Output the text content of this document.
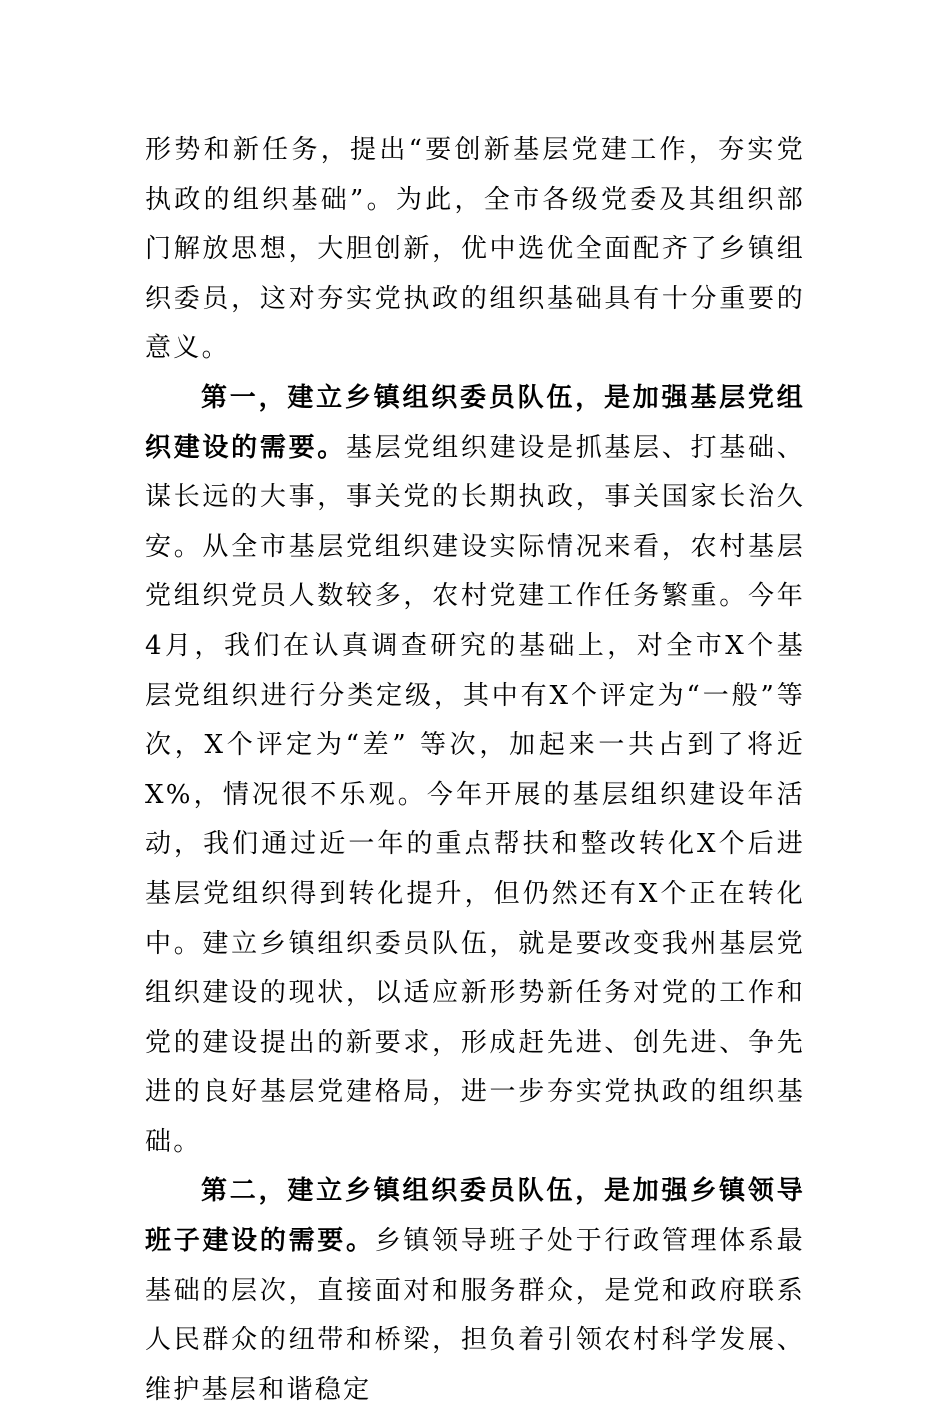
形势和新任务，提出“要创新基层党建工作，夯实党执政的组织基础”。为此，全市各级党委及其组织部门解放思想，大胆创新，优中选优全面配齐了乡镇组织委员，这对夯实党执政的组织基础具有十分重要的意义。

第一，建立乡镇组织委员队伍，是加强基层党组织建设的需要。基层党组织建设是抓基层、打基础、谋长远的大事，事关党的长期执政，事关国家长治久安。从全市基层党组织建设实际情况来看，农村基层党组织党员人数较多，农村党建工作任务繁重。今年4月，我们在认真调查研究的基础上，对全市X个基层党组织进行分类定级，其中有X个评定为“一般”等次，X个评定为“差” 等次，加起来一共占到了将近X%，情况很不乐观。今年开展的基层组织建设年活动，我们通过近一年的重点帮扶和整改转化X个后进基层党组织得到转化提升，但仍然还有X个正在转化中。建立乡镇组织委员队伍，就是要改变我州基层党组织建设的现状，以适应新形势新任务对党的工作和党的建设提出的新要求，形成赶先进、创先进、争先进的良好基层党建格局，进一步夯实党执政的组织基础。

第二，建立乡镇组织委员队伍，是加强乡镇领导班子建设的需要。乡镇领导班子处于行政管理体系最基础的层次，直接面对和服务群众，是党和政府联系人民群众的纽带和桥梁，担负着引领农村科学发展、维护基层和谐稳定
